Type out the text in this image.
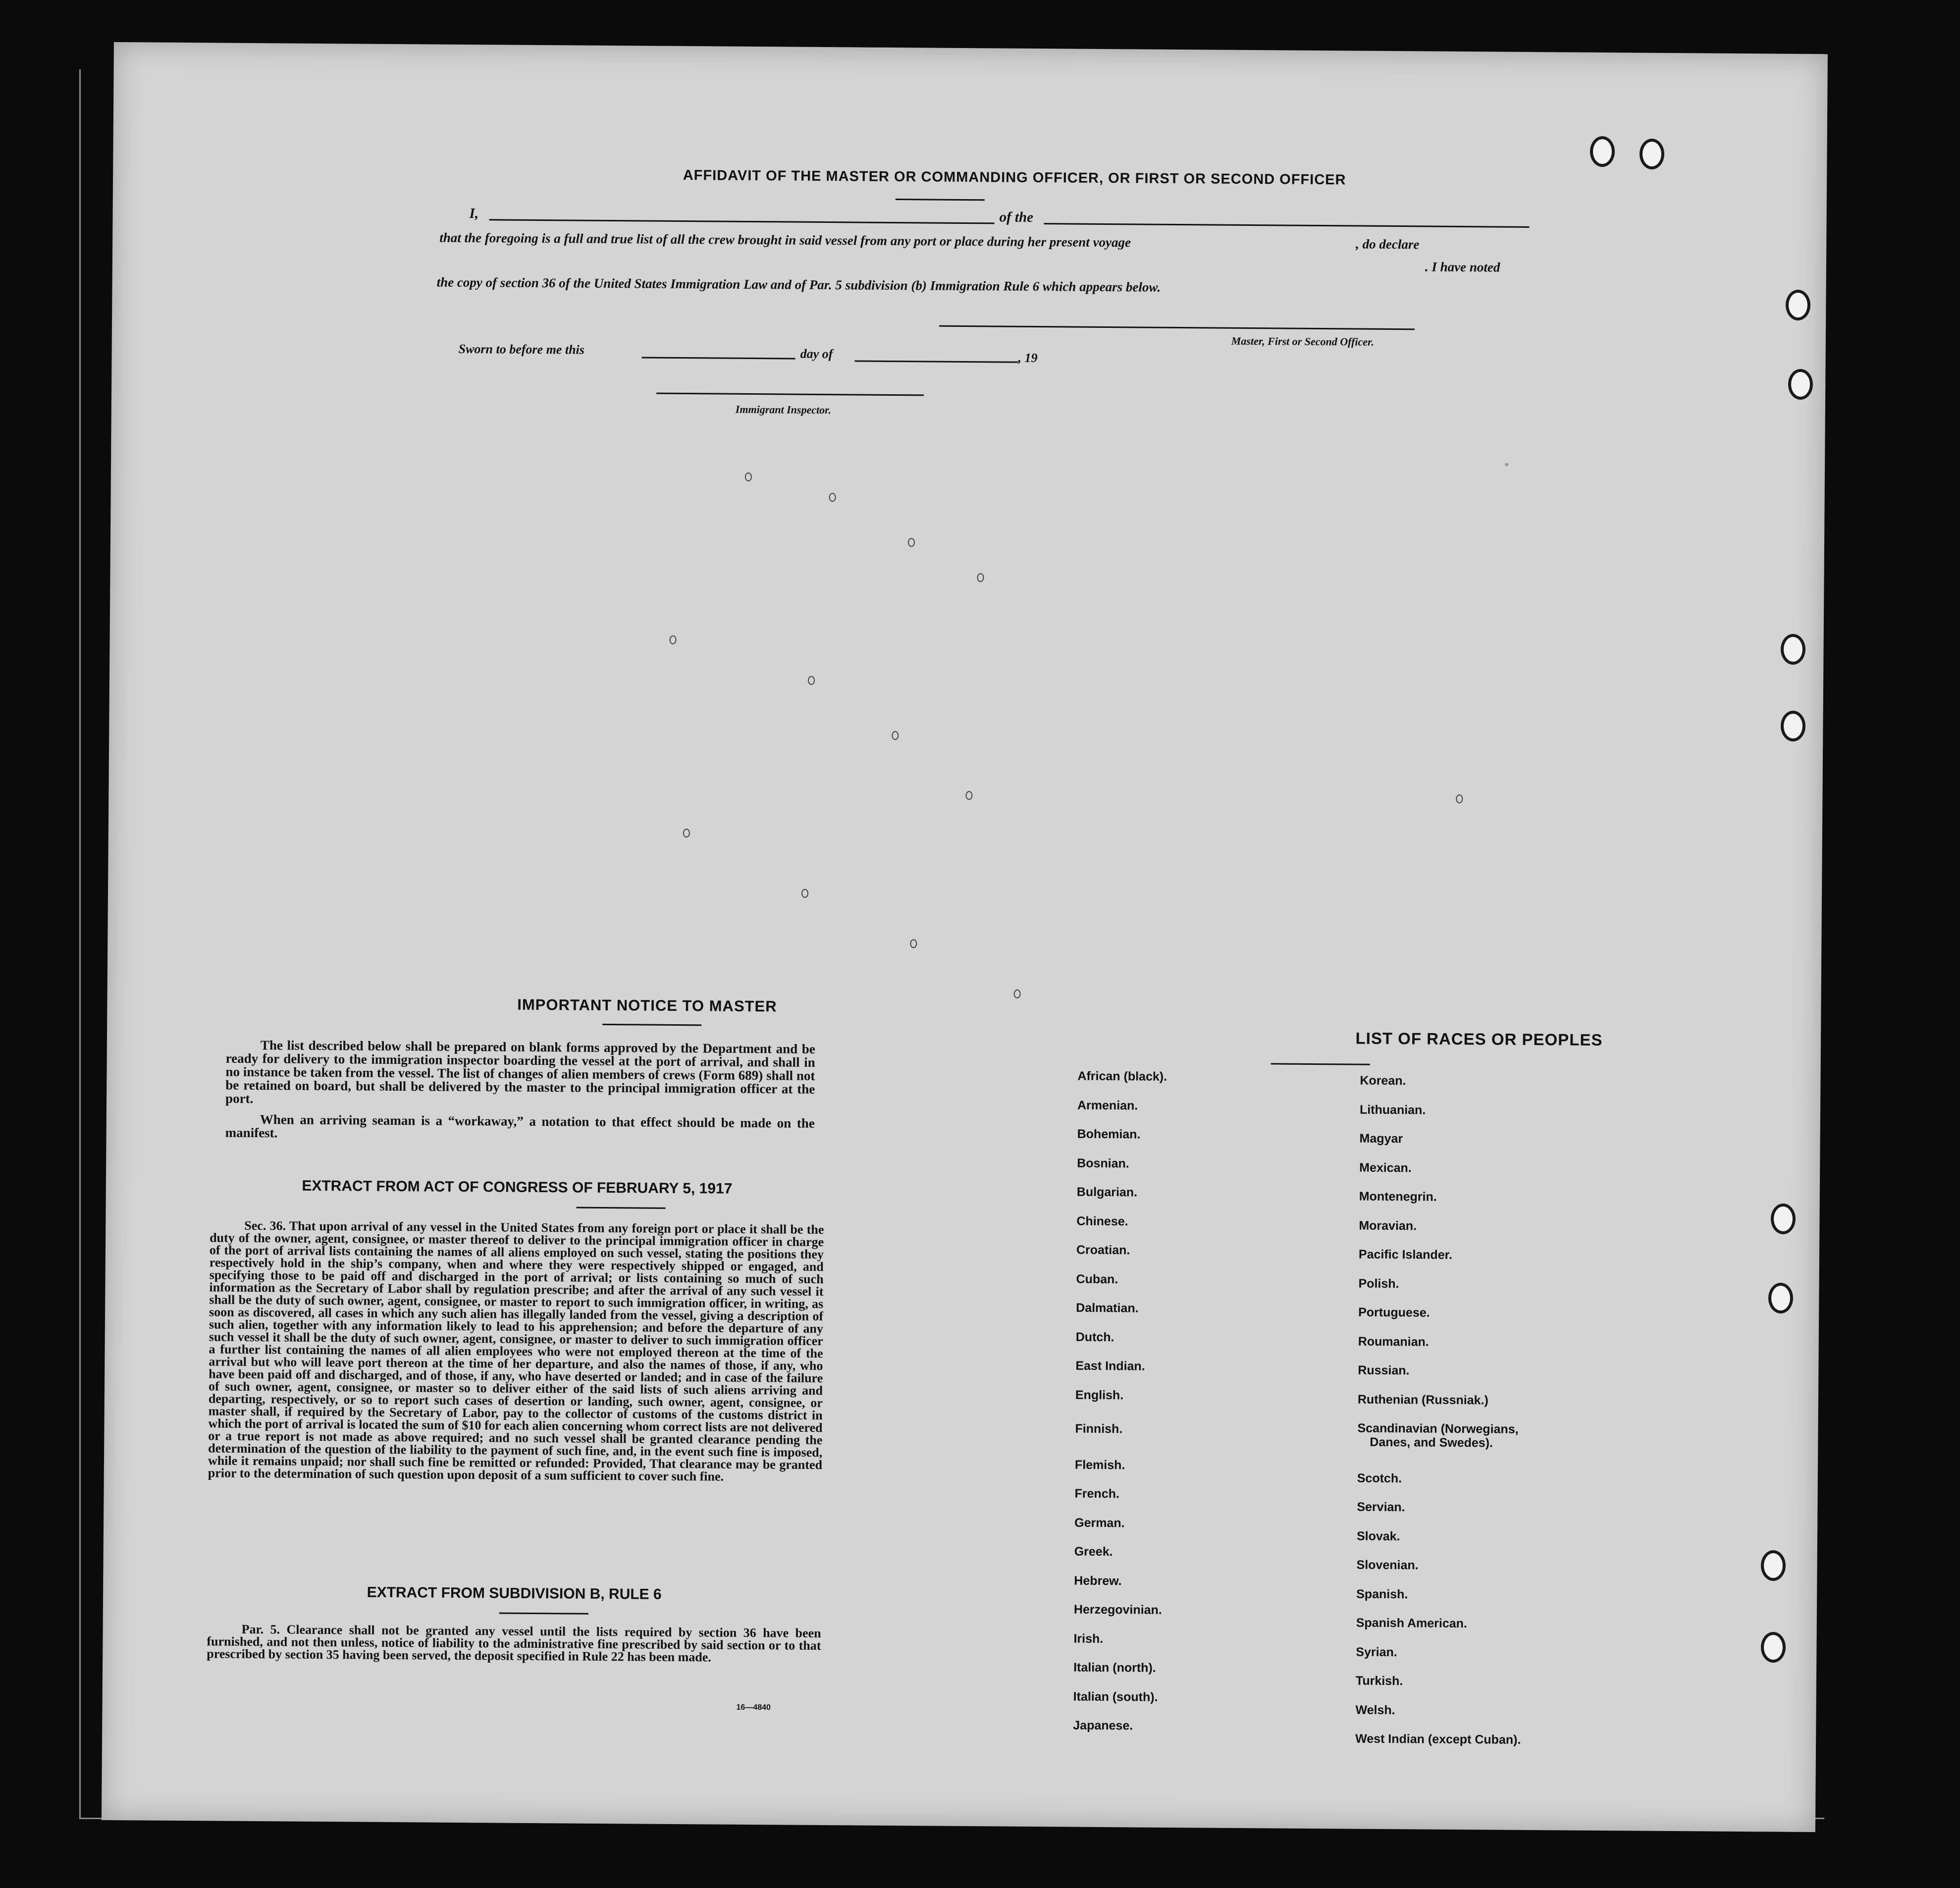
AFFIDAVIT OF THE MASTER OR COMMANDING OFFICER, OR FIRST OR SECOND OFFICER
I,	of the
that the foregoing is a full and true list of all the crew brought in said vessel from any port or place during her present voyage	, do declare
. I have noted
the copy of section 36 of the United States Immigration Law and of Par. 5 subdivision (b) Immigration Rule 6 which appears below.
Master, First or Second Officer.
Sworn to before me this	day of	, 19
Immigrant Inspector.
IMPORTANT NOTICE TO MASTER
The list described below shall be prepared on blank forms approved by the Department and be ready for delivery to the immigration inspector boarding the vessel at the port of arrival, and shall in no instance be taken from the vessel. The list of changes of alien members of crews (Form 689) shall not be retained on board, but shall be delivered by the master to the principal immigration officer at the port.
When an arriving seaman is a “workaway,” a notation to that effect should be made on the manifest.
EXTRACT FROM ACT OF CONGRESS OF FEBRUARY 5, 1917
Sec. 36. That upon arrival of any vessel in the United States from any foreign port or place it shall be the duty of the owner, agent, consignee, or master thereof to deliver to the principal immigration officer in charge of the port of arrival lists containing the names of all aliens employed on such vessel, stating the positions they respectively hold in the ship’s company, when and where they were respectively shipped or engaged, and specifying those to be paid off and discharged in the port of arrival; or lists containing so much of such information as the Secretary of Labor shall by regulation prescribe; and after the arrival of any such vessel it shall be the duty of such owner, agent, consignee, or master to report to such immigration officer, in writing, as soon as discovered, all cases in which any such alien has illegally landed from the vessel, giving a description of such alien, together with any information likely to lead to his apprehension; and before the departure of any such vessel it shall be the duty of such owner, agent, consignee, or master to deliver to such immigration officer a further list containing the names of all alien employees who were not employed thereon at the time of the arrival but who will leave port thereon at the time of her departure, and also the names of those, if any, who have been paid off and discharged, and of those, if any, who have deserted or landed; and in case of the failure of such owner, agent, consignee, or master so to deliver either of the said lists of such aliens arriving and departing, respectively, or so to report such cases of desertion or landing, such owner, agent, consignee, or master shall, if required by the Secretary of Labor, pay to the collector of customs of the customs district in which the port of arrival is located the sum of $10 for each alien concerning whom correct lists are not delivered or a true report is not made as above required; and no such vessel shall be granted clearance pending the determination of the question of the liability to the payment of such fine, and, in the event such fine is imposed, while it remains unpaid; nor shall such fine be remitted or refunded: Provided, That clearance may be granted prior to the determination of such question upon deposit of a sum sufficient to cover such fine.
EXTRACT FROM SUBDIVISION B, RULE 6
Par. 5. Clearance shall not be granted any vessel until the lists required by section 36 have been furnished, and not then unless, notice of liability to the administrative fine prescribed by said section or to that prescribed by section 35 having been served, the deposit specified in Rule 22 has been made.
16—4840
LIST OF RACES OR PEOPLES
African (black).
Armenian.
Bohemian.
Bosnian.
Bulgarian.
Chinese.
Croatian.
Cuban.
Dalmatian.
Dutch.
East Indian.
English.
Finnish.
Flemish.
French.
German.
Greek.
Hebrew.
Herzegovinian.
Irish.
Italian (north).
Italian (south).
Japanese.
Korean.
Lithuanian.
Magyar
Mexican.
Montenegrin.
Moravian.
Pacific Islander.
Polish.
Portuguese.
Roumanian.
Russian.
Ruthenian (Russniak.)
Scandinavian (Norwegians,
Danes, and Swedes).
Scotch.
Servian.
Slovak.
Slovenian.
Spanish.
Spanish American.
Syrian.
Turkish.
Welsh.
West Indian (except Cuban).
•
